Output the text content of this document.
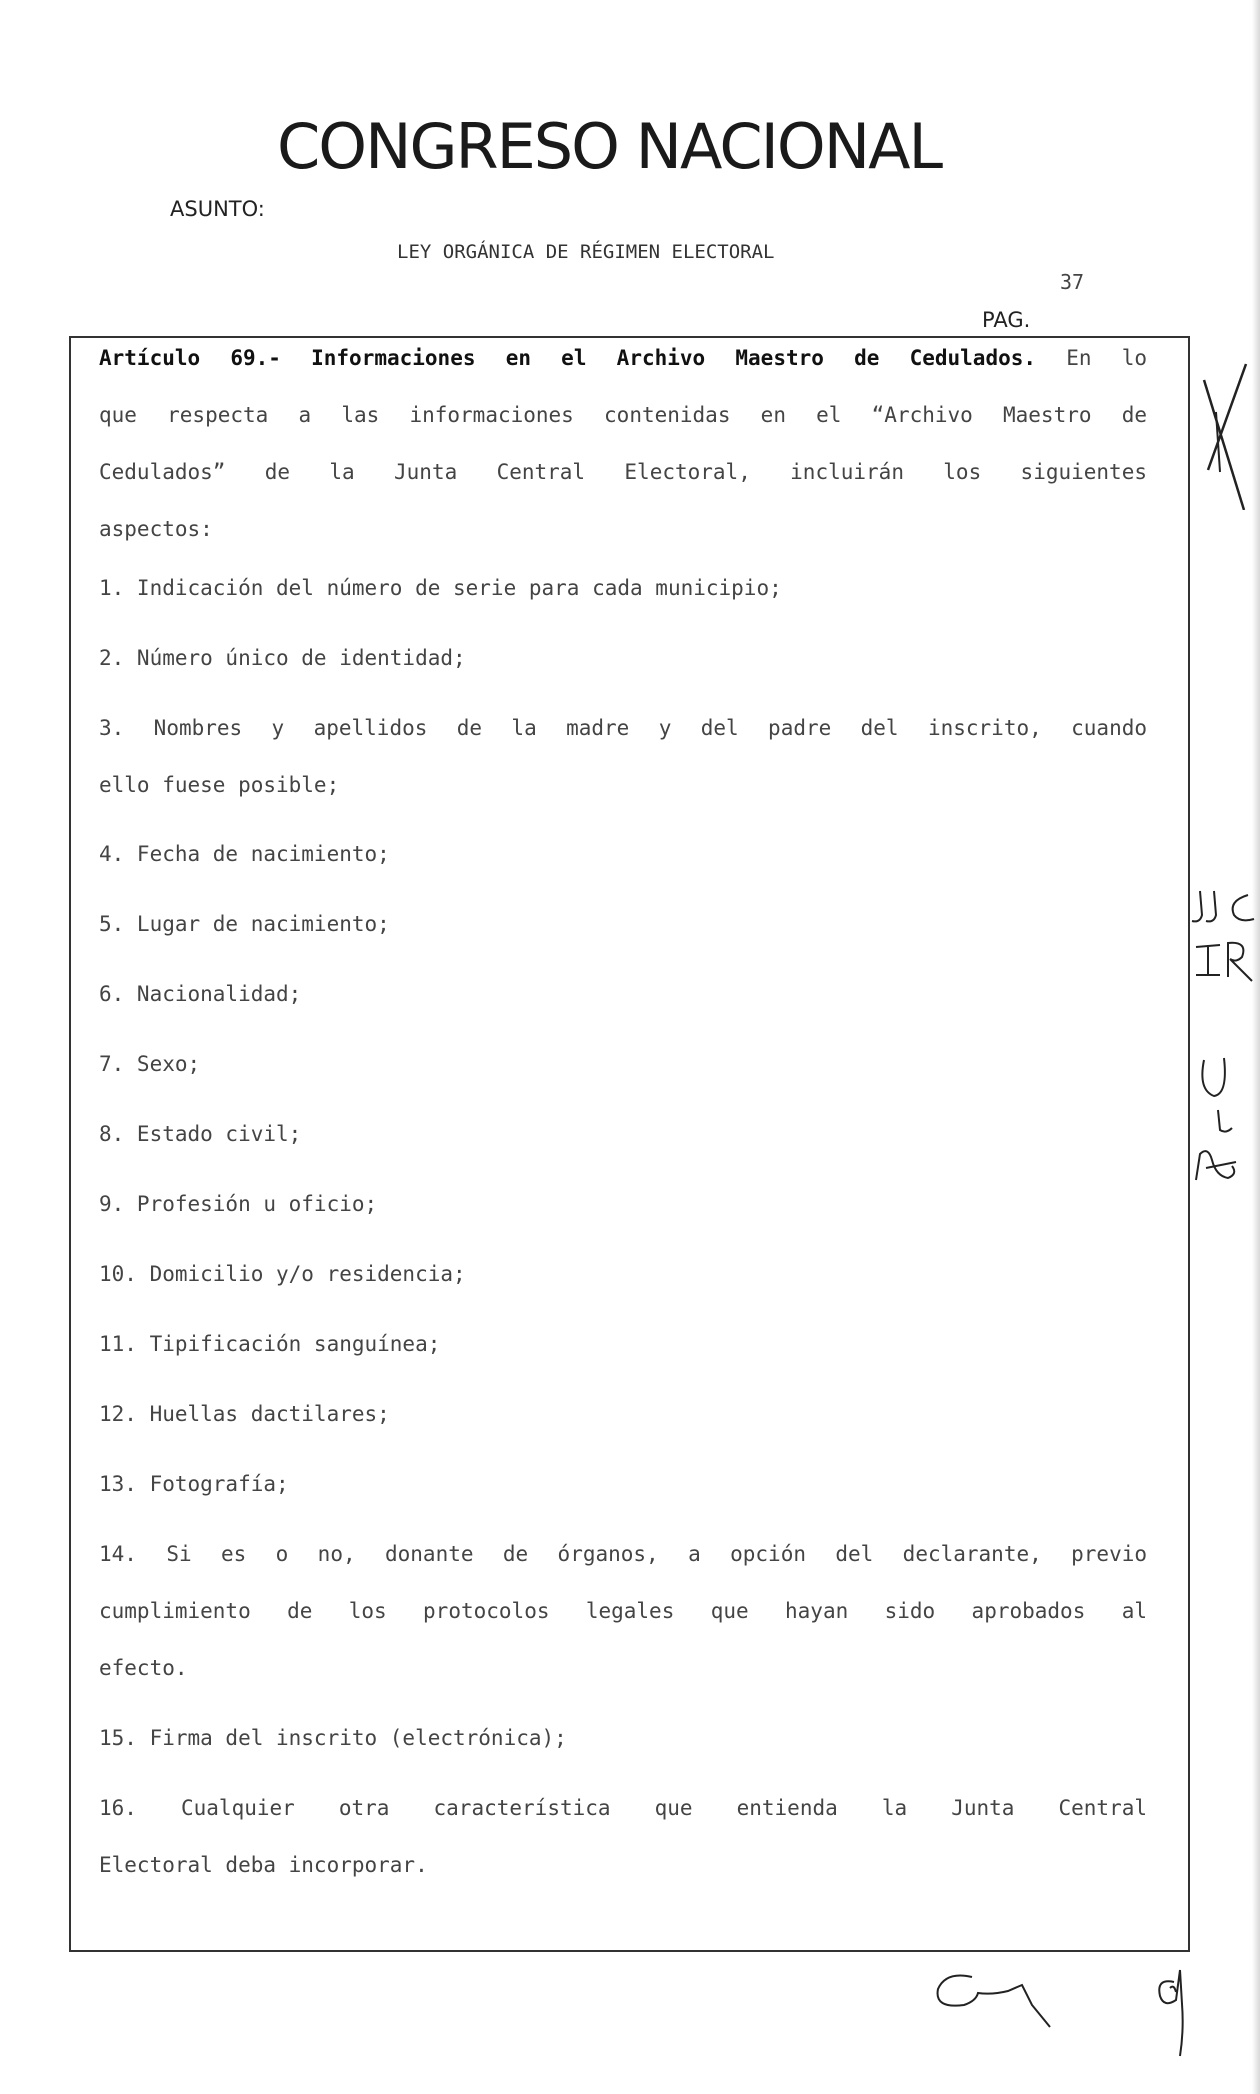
CONGRESO NACIONAL
ASUNTO:
LEY ORGÁNICA DE RÉGIMEN ELECTORAL
37
PAG.
Artículo 69.- Informaciones en el Archivo Maestro de Cedulados. En lo
que respecta a las informaciones contenidas en el “Archivo Maestro de
Cedulados” de la Junta Central Electoral, incluirán los siguientes
aspectos:
1. Indicación del número de serie para cada municipio;
2. Número único de identidad;
3. Nombres y apellidos de la madre y del padre del inscrito, cuando
ello fuese posible;
4. Fecha de nacimiento;
5. Lugar de nacimiento;
6. Nacionalidad;
7. Sexo;
8. Estado civil;
9. Profesión u oficio;
10. Domicilio y/o residencia;
11. Tipificación sanguínea;
12. Huellas dactilares;
13. Fotografía;
14. Si es o no, donante de órganos, a opción del declarante, previo
cumplimiento de los protocolos legales que hayan sido aprobados al
efecto.
15. Firma del inscrito (electrónica);
16. Cualquier otra característica que entienda la Junta Central
Electoral deba incorporar.
